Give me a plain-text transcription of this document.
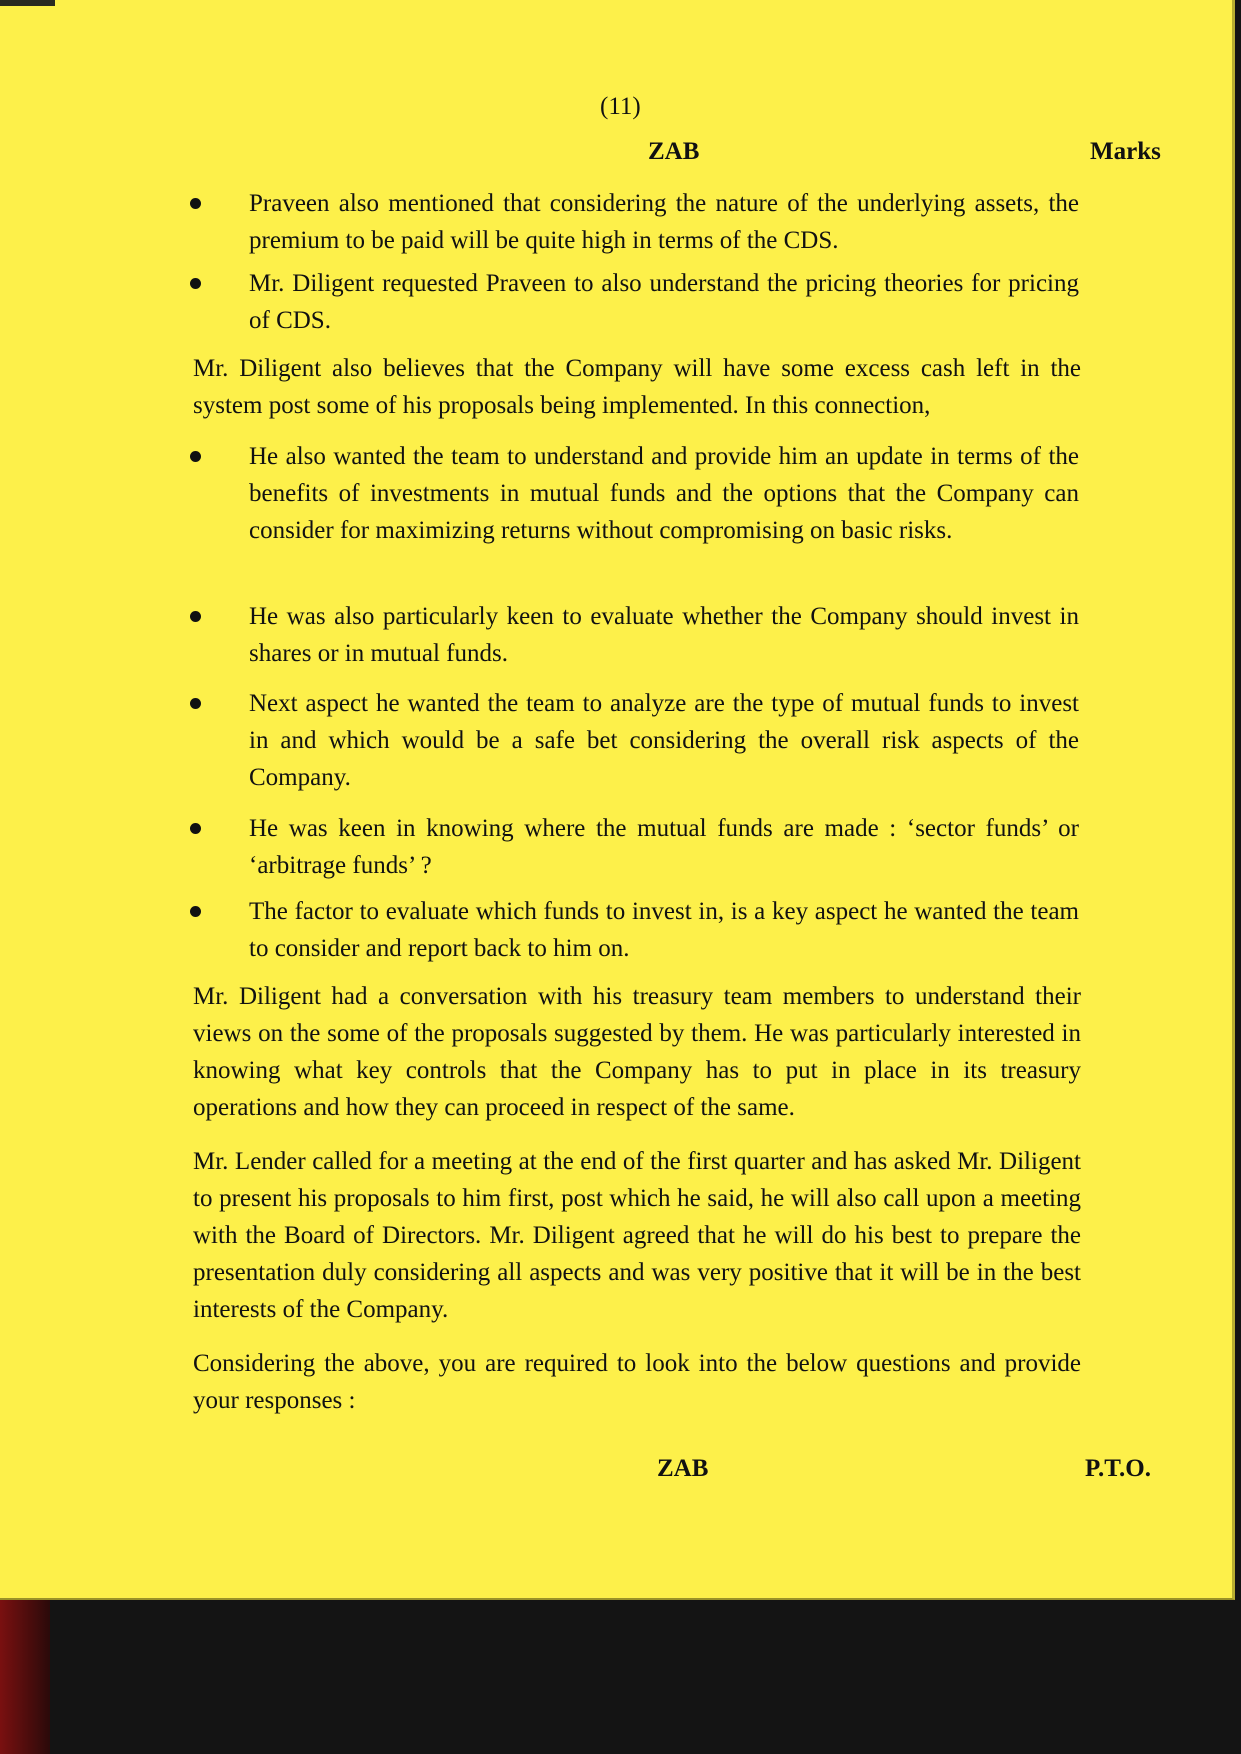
(11)
ZAB	Marks
Praveen also mentioned that considering the nature of the underlying assets, the premium to be paid will be quite high in terms of the CDS.
Mr. Diligent requested Praveen to also understand the pricing theories for pricing of CDS.
Mr. Diligent also believes that the Company will have some excess cash left in the system post some of his proposals being implemented. In this connection,
He also wanted the team to understand and provide him an update in terms of the benefits of investments in mutual funds and the options that the Company can consider for maximizing returns without compromising on basic risks.
He was also particularly keen to evaluate whether the Company should invest in shares or in mutual funds.
Next aspect he wanted the team to analyze are the type of mutual funds to invest in and which would be a safe bet considering the overall risk aspects of the Company.
He was keen in knowing where the mutual funds are made : ‘sector funds’ or ‘arbitrage funds’ ?
The factor to evaluate which funds to invest in, is a key aspect he wanted the team to consider and report back to him on.
Mr. Diligent had a conversation with his treasury team members to understand their views on the some of the proposals suggested by them. He was particularly interested in knowing what key controls that the Company has to put in place in its treasury operations and how they can proceed in respect of the same.
Mr. Lender called for a meeting at the end of the first quarter and has asked Mr. Diligent to present his proposals to him first, post which he said, he will also call upon a meeting with the Board of Directors. Mr. Diligent agreed that he will do his best to prepare the presentation duly considering all aspects and was very positive that it will be in the best interests of the Company.
Considering the above, you are required to look into the below questions and provide your responses :
ZAB	P.T.O.
